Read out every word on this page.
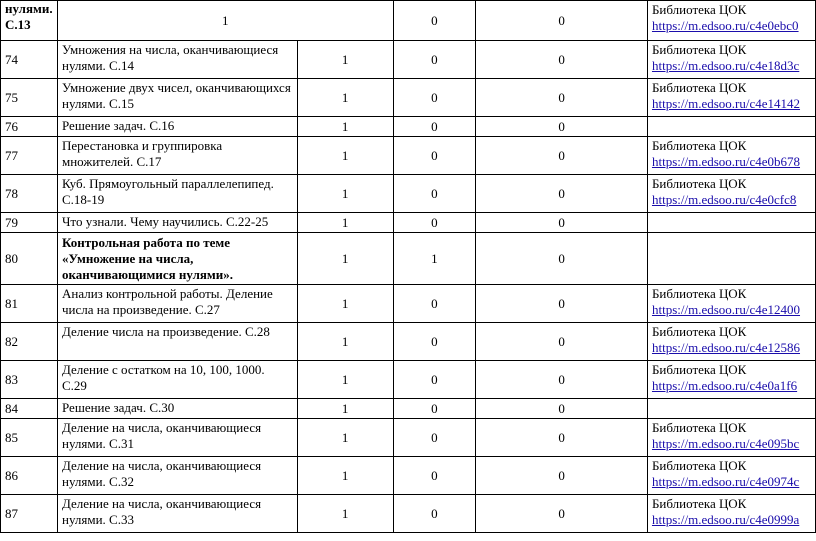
нулями. С.13	1		0	0	Библиотека ЦОК
https://m.edsoo.ru/c4e0ebc0
74	Умножения на числа, оканчивающиеся нулями. С.14	1	0	0	Библиотека ЦОК
https://m.edsoo.ru/c4e18d3c
75	Умножение двух чисел, оканчивающихся нулями. С.15	1	0	0	Библиотека ЦОК
https://m.edsoo.ru/c4e14142
76	Решение задач. С.16	1	0	0	
77	Перестановка и группировка множителей. С.17	1	0	0	Библиотека ЦОК
https://m.edsoo.ru/c4e0b678
78	Куб. Прямоугольный параллелепипед. С.18-19	1	0	0	Библиотека ЦОК
https://m.edsoo.ru/c4e0cfc8
79	Что узнали. Чему научились. С.22-25	1	0	0	
80	Контрольная работа по теме «Умножение на числа, оканчивающимися нулями».	1	1	0	
81	Анализ контрольной работы. Деление числа на произведение. С.27	1	0	0	Библиотека ЦОК
https://m.edsoo.ru/c4e12400
82	Деление числа на произведение. С.28	1	0	0	Библиотека ЦОК
https://m.edsoo.ru/c4e12586
83	Деление с остатком на 10, 100, 1000. С.29	1	0	0	Библиотека ЦОК
https://m.edsoo.ru/c4e0a1f6
84	Решение задач. С.30	1	0	0	
85	Деление на числа, оканчивающиеся нулями. С.31	1	0	0	Библиотека ЦОК
https://m.edsoo.ru/c4e095bc
86	Деление на числа, оканчивающиеся нулями. С.32	1	0	0	Библиотека ЦОК
https://m.edsoo.ru/c4e0974c
87	Деление на числа, оканчивающиеся нулями. С.33	1	0	0	Библиотека ЦОК
https://m.edsoo.ru/c4e0999a
